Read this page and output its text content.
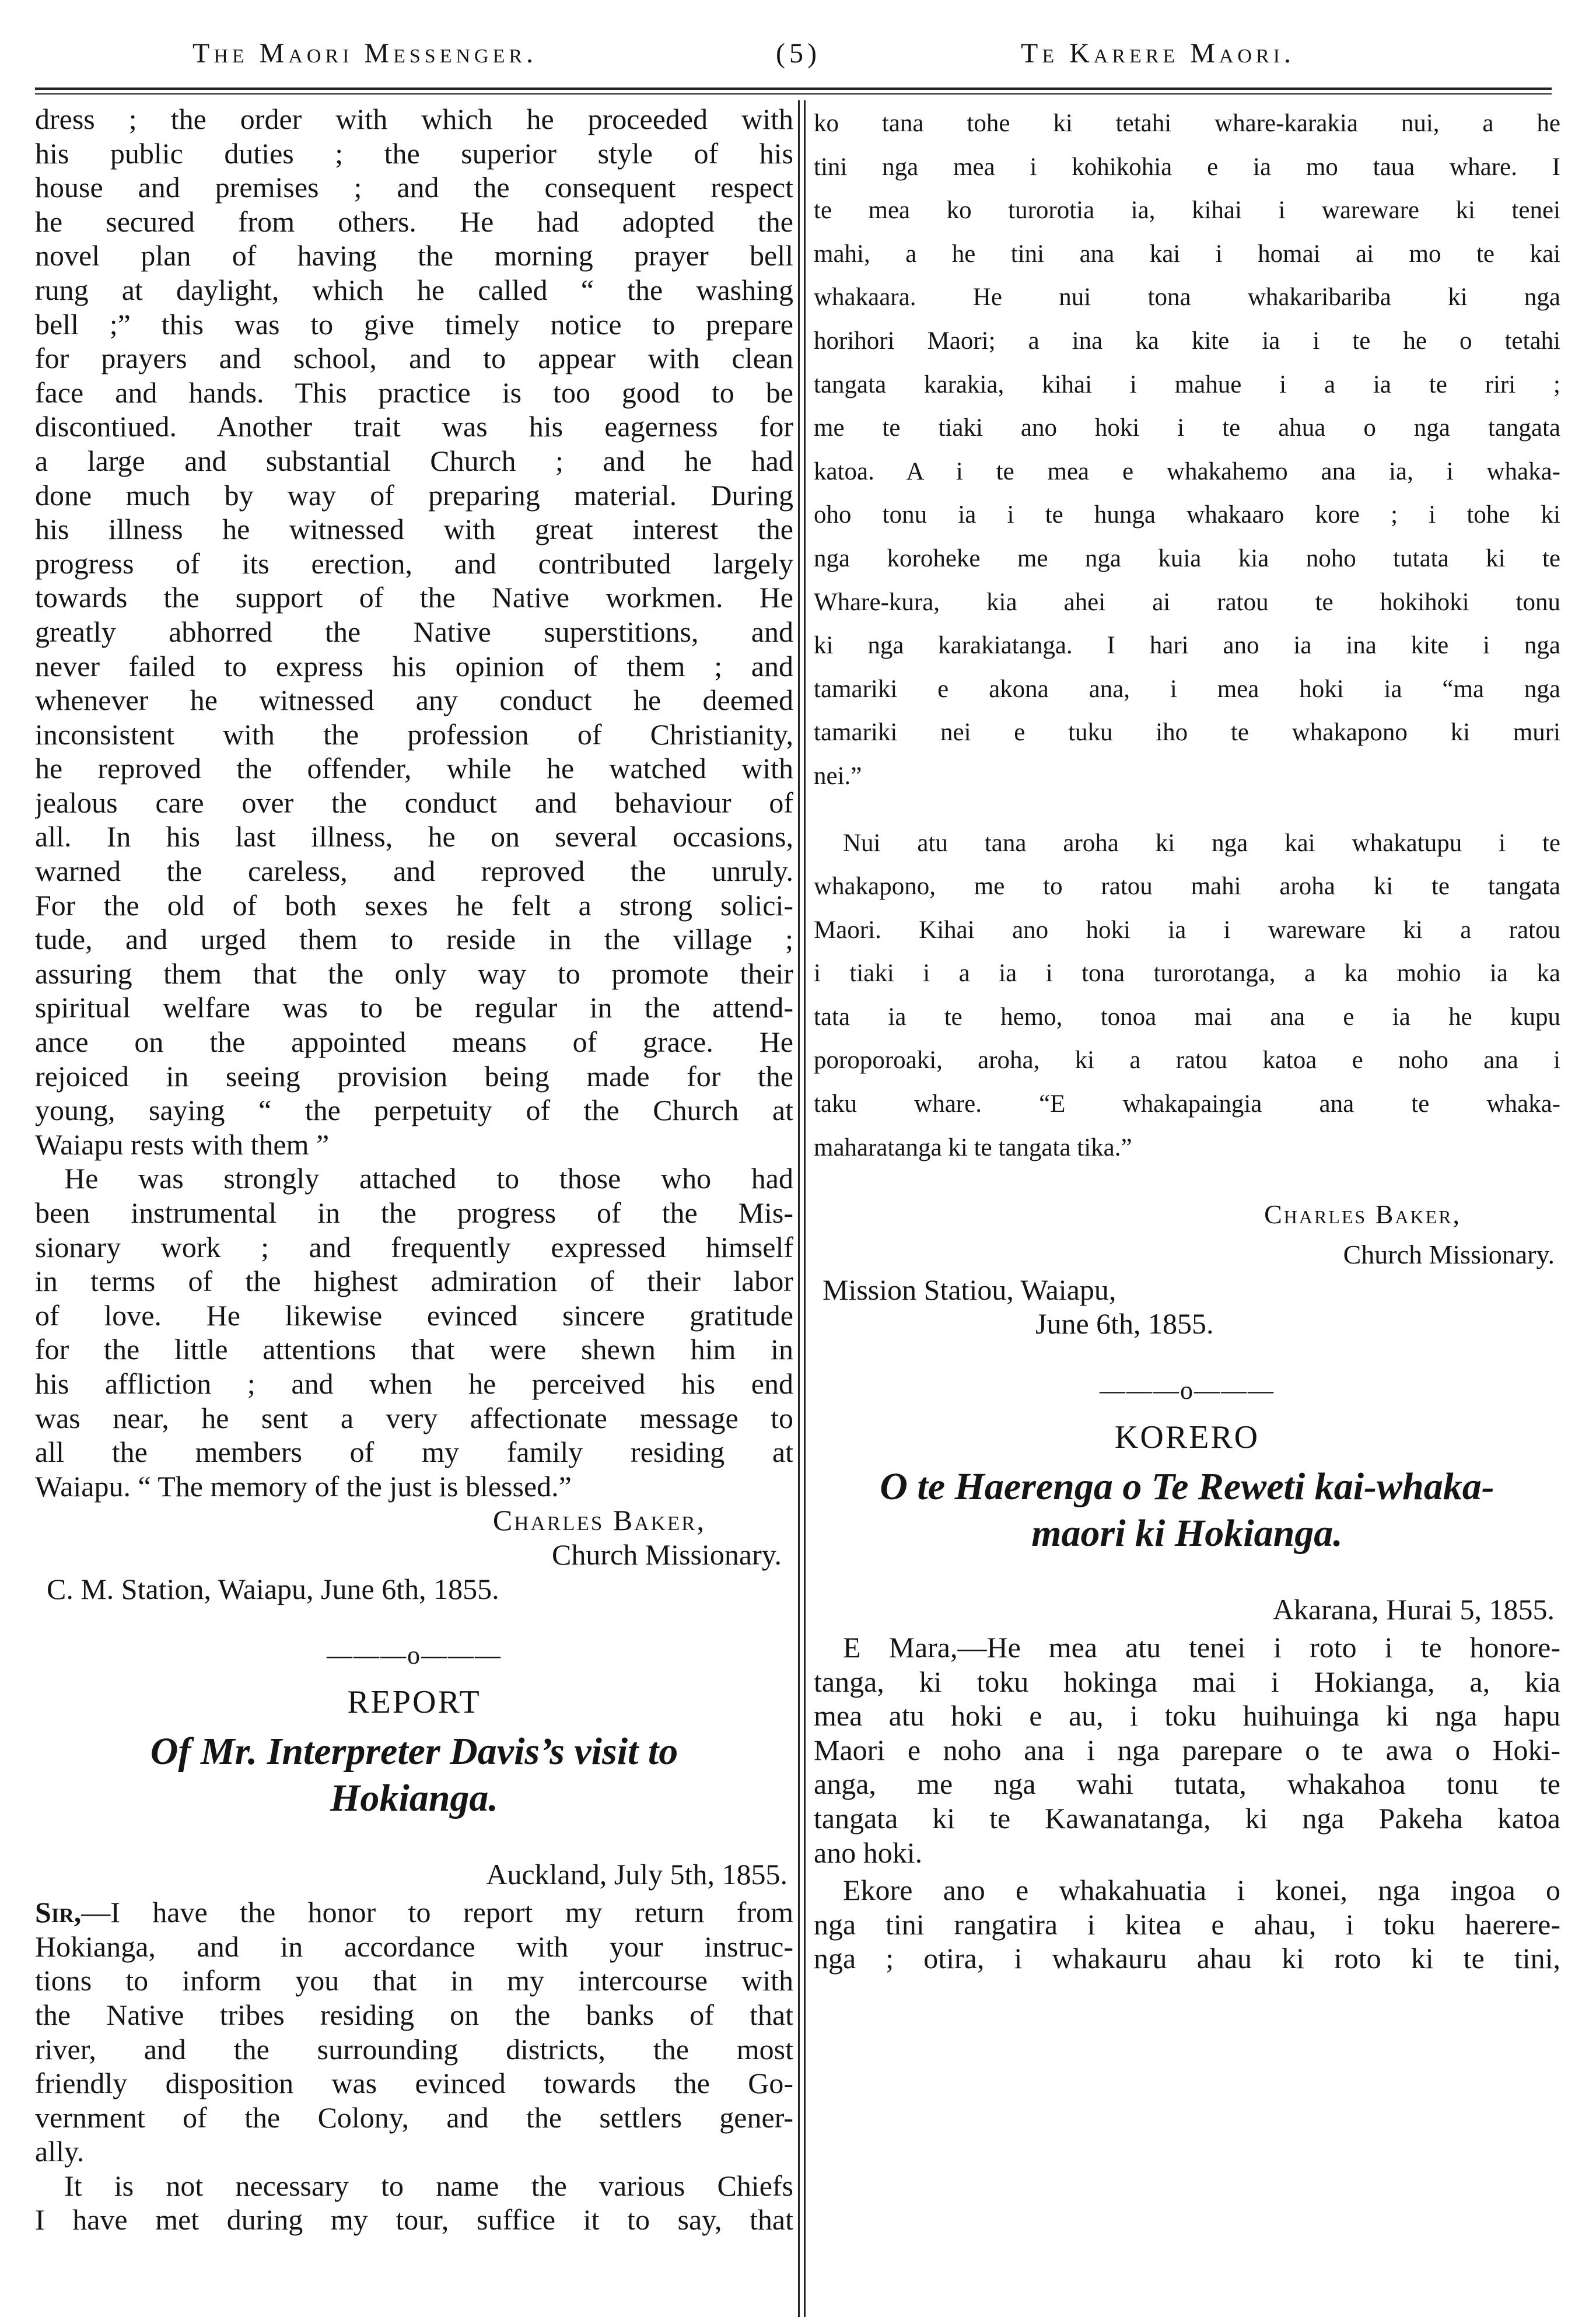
The Maori Messenger.	(5)	Te Karere Maori.

dress ; the order with which he proceeded with

his public duties ; the superior style of his

house and premises ; and the consequent respect

he secured from others. He had adopted the

novel plan of having the morning prayer bell

rung at daylight, which he called “ the washing

bell ;” this was to give timely notice to prepare

for prayers and school, and to appear with clean

face and hands. This practice is too good to be

discontiued. Another trait was his eagerness for

a large and substantial Church ; and he had

done much by way of preparing material. During

his illness he witnessed with great interest the

progress of its erection, and contributed largely

towards the support of the Native workmen. He

greatly abhorred the Native superstitions, and

never failed to express his opinion of them ; and

whenever he witnessed any conduct he deemed

inconsistent with the profession of Christianity,

he reproved the offender, while he watched with

jealous care over the conduct and behaviour of

all. In his last illness, he on several occasions,

warned the careless, and reproved the unruly.

For the old of both sexes he felt a strong solici-

tude, and urged them to reside in the village ;

assuring them that the only way to promote their

spiritual welfare was to be regular in the attend-

ance on the appointed means of grace. He

rejoiced in seeing provision being made for the

young, saying “ the perpetuity of the Church at

Waiapu rests with them ”

He was strongly attached to those who had

been instrumental in the progress of the Mis-

sionary work ; and frequently expressed himself

in terms of the highest admiration of their labor

of love. He likewise evinced sincere gratitude

for the little attentions that were shewn him in

his affliction ; and when he perceived his end

was near, he sent a very affectionate message to

all the members of my family residing at

Waiapu. “ The memory of the just is blessed.”

Charles Baker,
Church Missionary.
C. M. Station, Waiapu, June 6th, 1855.
———o———
REPORT
Of Mr. Interpreter Davis’s visit to
Hokianga.
Auckland, July 5th, 1855.

Sir,—I have the honor to report my return from

Hokianga, and in accordance with your instruc-

tions to inform you that in my intercourse with

the Native tribes residing on the banks of that

river, and the surrounding districts, the most

friendly disposition was evinced towards the Go-

vernment of the Colony, and the settlers gener-

ally.

It is not necessary to name the various Chiefs

I have met during my tour, suffice it to say, that

ko tana tohe ki tetahi whare-karakia nui, a he

tini nga mea i kohikohia e ia mo taua whare. I

te mea ko turorotia ia, kihai i wareware ki tenei

mahi, a he tini ana kai i homai ai mo te kai

whakaara. He nui tona whakaribariba ki nga

horihori Maori; a ina ka kite ia i te he o tetahi

tangata karakia, kihai i mahue i a ia te riri ;

me te tiaki ano hoki i te ahua o nga tangata

katoa. A i te mea e whakahemo ana ia, i whaka-

oho tonu ia i te hunga whakaaro kore ; i tohe ki

nga koroheke me nga kuia kia noho tutata ki te

Whare-kura, kia ahei ai ratou te hokihoki tonu

ki nga karakiatanga. I hari ano ia ina kite i nga

tamariki e akona ana, i mea hoki ia “ma nga

tamariki nei e tuku iho te whakapono ki muri

nei.”

Nui atu tana aroha ki nga kai whakatupu i te

whakapono, me to ratou mahi aroha ki te tangata

Maori. Kihai ano hoki ia i wareware ki a ratou

i tiaki i a ia i tona turorotanga, a ka mohio ia ka

tata ia te hemo, tonoa mai ana e ia he kupu

poroporoaki, aroha, ki a ratou katoa e noho ana i

taku whare. “E whakapaingia ana te whaka-

maharatanga ki te tangata tika.”

Charles Baker,
Church Missionary.
Mission Statiou, Waiapu,
June 6th, 1855.
———o———
KORERO
O te Haerenga o Te Reweti kai-whaka-
maori ki Hokianga.
Akarana, Hurai 5, 1855.

E Mara,—He mea atu tenei i roto i te honore-

tanga, ki toku hokinga mai i Hokianga, a, kia

mea atu hoki e au, i toku huihuinga ki nga hapu

Maori e noho ana i nga parepare o te awa o Hoki-

anga, me nga wahi tutata, whakahoa tonu te

tangata ki te Kawanatanga, ki nga Pakeha katoa

ano hoki.

Ekore ano e whakahuatia i konei, nga ingoa o

nga tini rangatira i kitea e ahau, i toku haerere-

nga ; otira, i whakauru ahau ki roto ki te tini,
